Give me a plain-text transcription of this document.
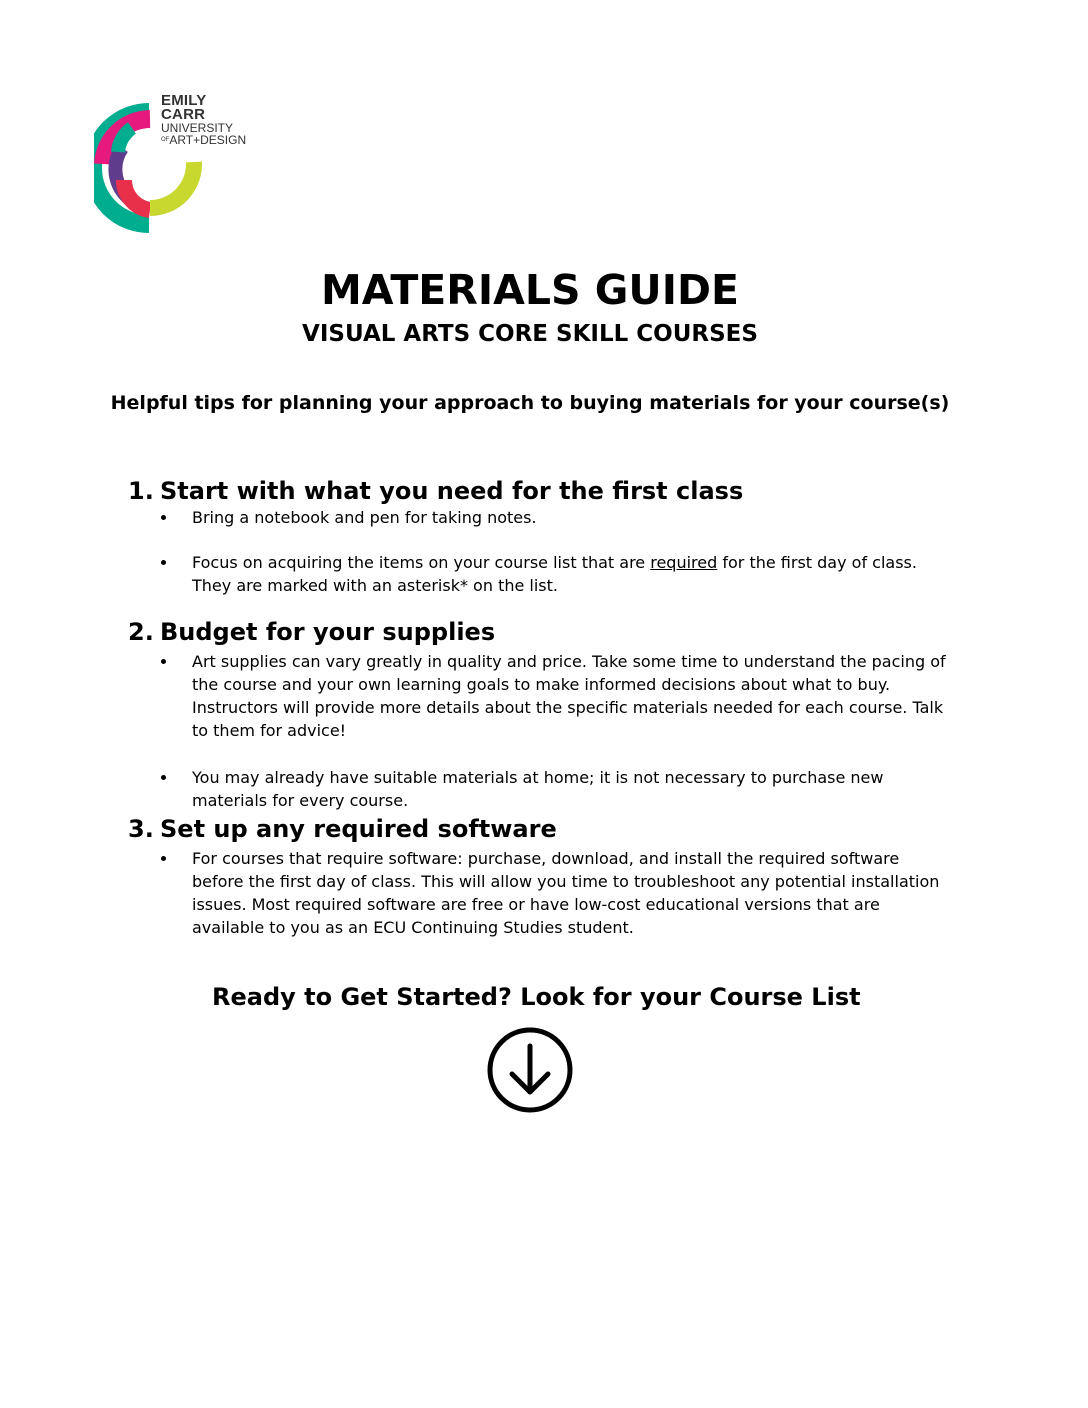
EMILY
CARR
UNIVERSITY
$^{OF}$ART+DESIGN
MATERIALS GUIDE
VISUAL ARTS CORE SKILL COURSES

Helpful tips for planning your approach to buying materials for your course(s)

1. Start with what you need for the first class
Bring a notebook and pen for taking notes.
Focus on acquiring the items on your course list that are required for the first day of class. They are marked with an asterisk* on the list.
2. Budget for your supplies
Art supplies can vary greatly in quality and price. Take some time to understand the pacing of the course and your own learning goals to make informed decisions about what to buy. Instructors will provide more details about the specific materials needed for each course. Talk to them for advice!
You may already have suitable materials at home; it is not necessary to purchase new materials for every course.
3. Set up any required software
For courses that require software: purchase, download, and install the required software before the first day of class. This will allow you time to troubleshoot any potential installation issues. Most required software are free or have low-cost educational versions that are available to you as an ECU Continuing Studies student.
Ready to Get Started? Look for your Course List
